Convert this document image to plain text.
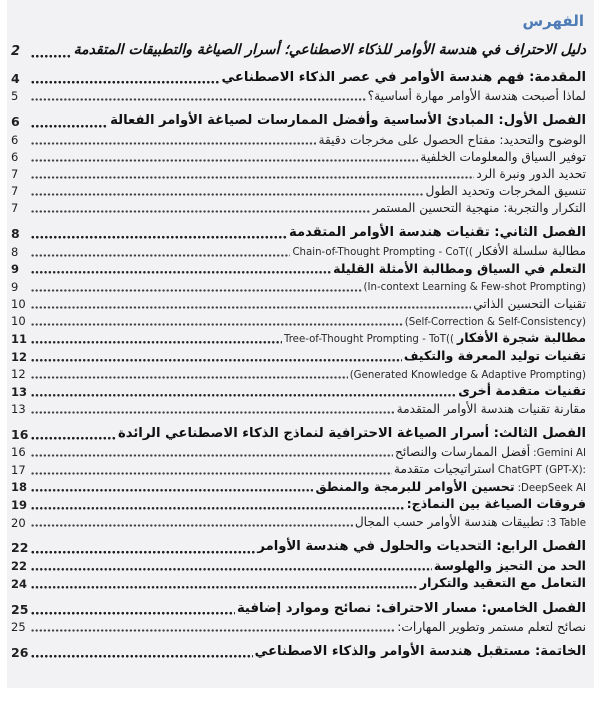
الفهرس
2	دليل الاحتراف في هندسة الأوامر للذكاء الاصطناعي؛ أسرار الصياغة والتطبيقات المتقدمة
4	المقدمة: فهم هندسة الأوامر في عصر الذكاء الاصطناعي
5	لماذا أصبحت هندسة الأوامر مهارة أساسية؟
6	الفصل الأول: المبادئ الأساسية وأفضل الممارسات لصياغة الأوامر الفعالة
6	الوضوح والتحديد: مفتاح الحصول على مخرجات دقيقة
6	توفير السياق والمعلومات الخلفية
7	تحديد الدور ونبرة الرد
7	تنسيق المخرجات وتحديد الطول
7	التكرار والتجربة: منهجية التحسين المستمر
8	الفصل الثاني: تقنيات هندسة الأوامر المتقدمة
8	Chain-of-Thought Prompting - CoT(( مطالبة سلسلة الأفكار
9	التعلم في السياق ومطالبة الأمثلة القليلة
9	(In-context Learning & Few-shot Prompting)
10	تقنيات التحسين الذاتي
10	(Self-Correction & Self-Consistency)
11	Tree-of-Thought Prompting - ToT(( مطالبة شجرة الأفكار
12	تقنيات توليد المعرفة والتكيف
12	(Generated Knowledge & Adaptive Prompting)
13	تقنيات متقدمة أخرى
13	مقارنة تقنيات هندسة الأوامر المتقدمة
16	الفصل الثالث: أسرار الصياغة الاحترافية لنماذج الذكاء الاصطناعي الرائدة
16	أفضل الممارسات والنصائح :Gemini AI
17	استراتيجيات متقدمة ChatGPT (GPT-X):
18	تحسين الأوامر للبرمجة والمنطق :DeepSeek AI
19	فروقات الصياغة بين النماذج:
20	تطبيقات هندسة الأوامر حسب المجال :3 Table
22	الفصل الرابع: التحديات والحلول في هندسة الأوامر
22	الحد من التحيز والهلوسة
24	التعامل مع التعقيد والتكرار
25	الفصل الخامس: مسار الاحتراف: نصائح وموارد إضافية
25	نصائح لتعلم مستمر وتطوير المهارات:
26	الخاتمة: مستقبل هندسة الأوامر والذكاء الاصطناعي
